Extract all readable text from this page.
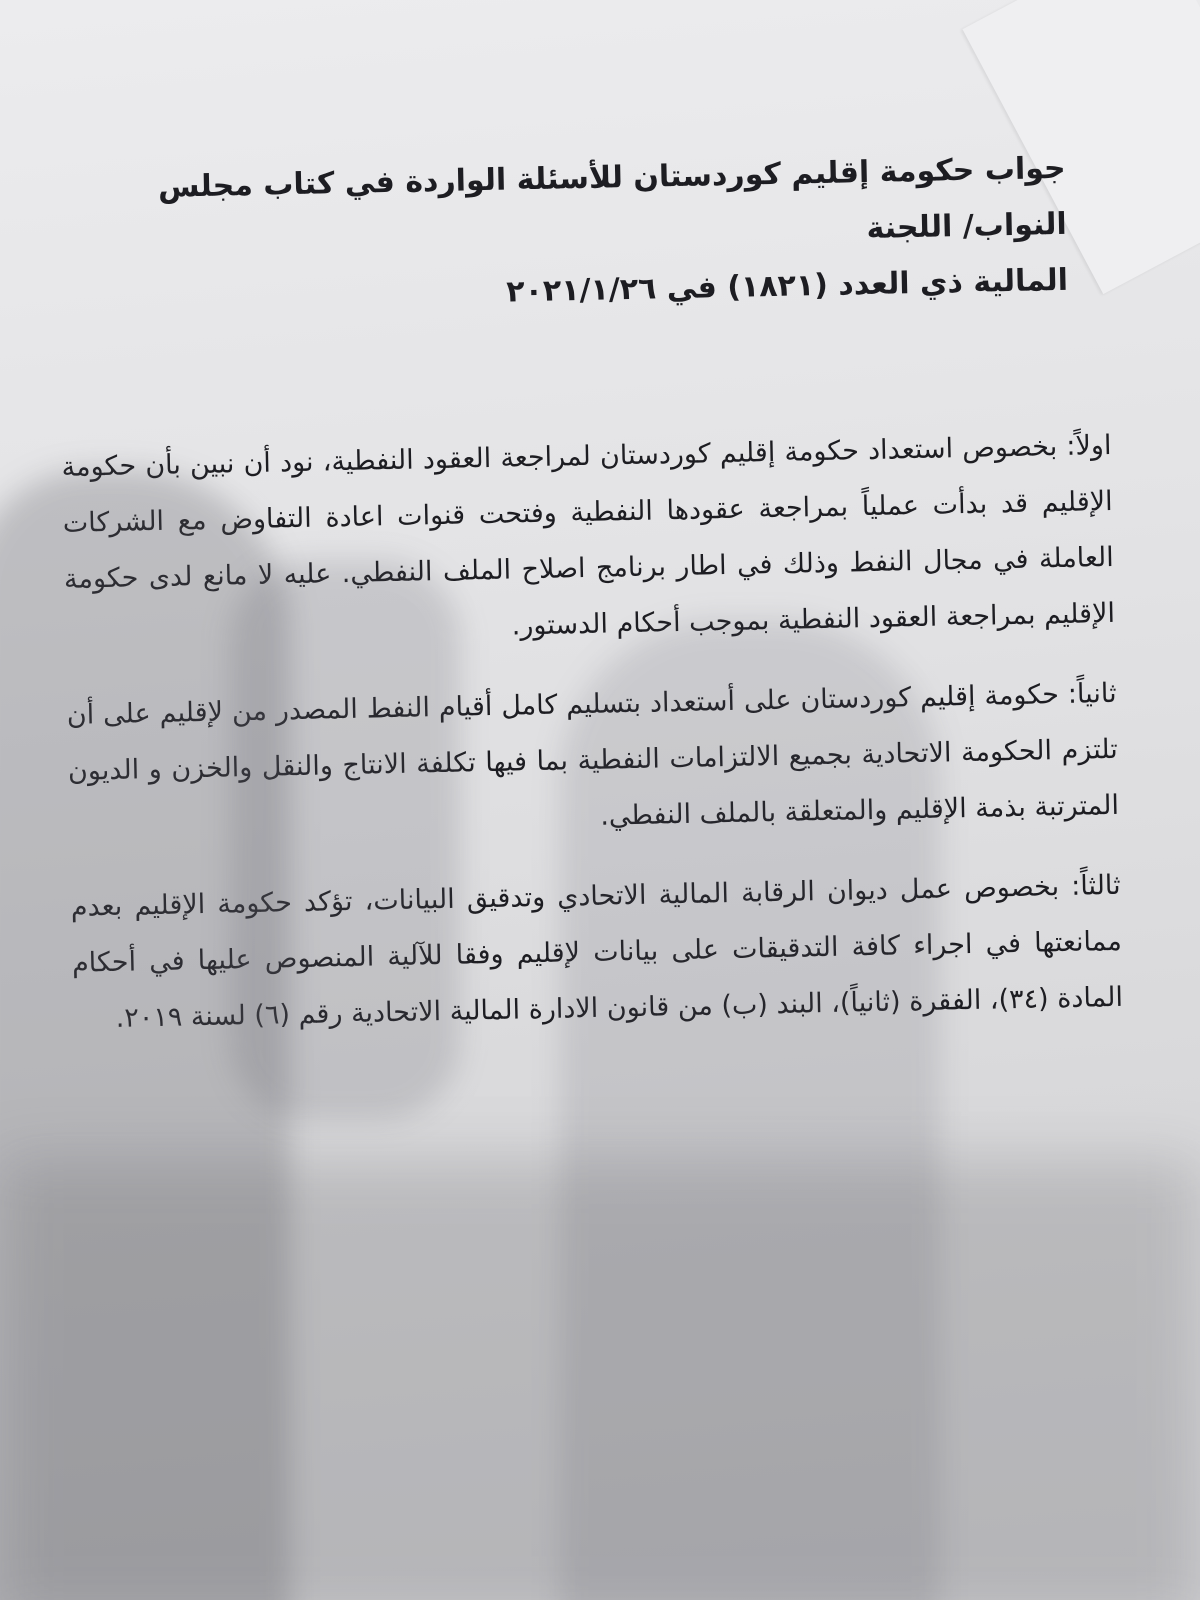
جواب حكومة إقليم كوردستان للأسئلة الواردة في كتاب مجلس النواب/ اللجنة
المالية ذي العدد (١٨٢١) في ٢٠٢١/١/٢٦

اولاً: بخصوص استعداد حكومة إقليم كوردستان لمراجعة العقود النفطية، نود أن نبين بأن حكومة الإقليم قد بدأت عملياً بمراجعة عقودها النفطية وفتحت قنوات اعادة التفاوض مع الشركات العاملة في مجال النفط وذلك في اطار برنامج اصلاح الملف النفطي. عليه لا مانع لدى حكومة الإقليم بمراجعة العقود النفطية بموجب أحكام الدستور.

ثانياً: حكومة إقليم كوردستان على أستعداد بتسليم كامل أقيام النفط المصدر من لإقليم على أن تلتزم الحكومة الاتحادية بجميع الالتزامات النفطية بما فيها تكلفة الانتاج والنقل والخزن و الديون المترتبة بذمة الإقليم والمتعلقة بالملف النفطي.

ثالثاً: بخصوص عمل ديوان الرقابة المالية الاتحادي وتدقيق البيانات، تؤكد حكومة الإقليم بعدم ممانعتها في اجراء كافة التدقيقات على بيانات لإقليم وفقا للآلية المنصوص عليها في أحكام المادة (٣٤)، الفقرة (ثانياً)، البند (ب) من قانون الادارة المالية الاتحادية رقم (٦) لسنة ٢٠١٩.
